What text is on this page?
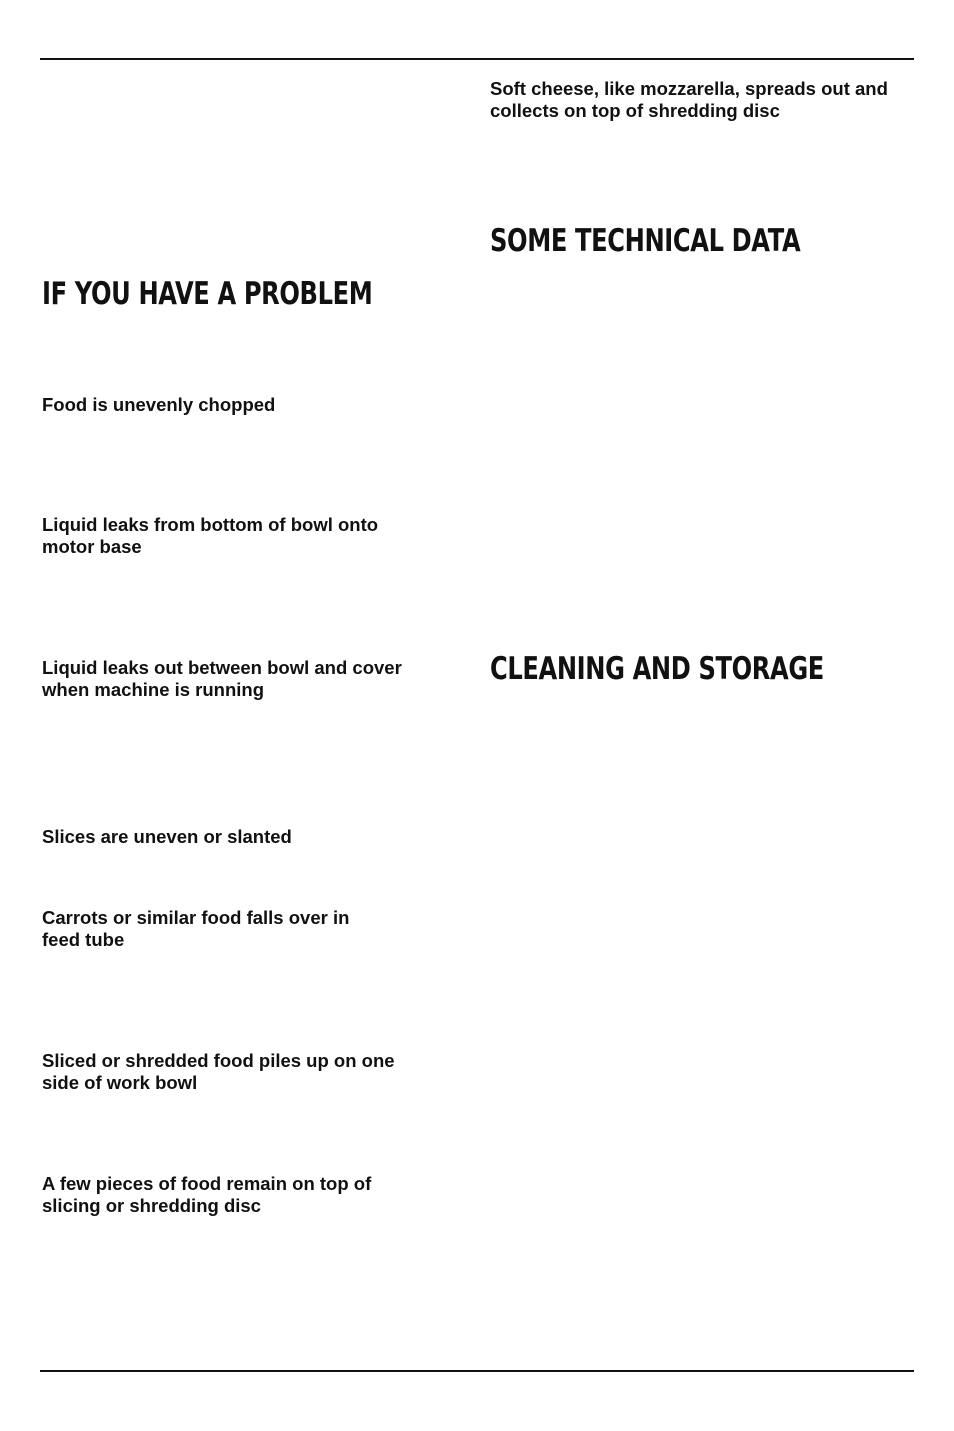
Soft cheese, like mozzarella, spreads out and collects on top of shredding disc

SOME TECHNICAL DATA
IF YOU HAVE A PROBLEM

Food is unevenly chopped

Liquid leaks from bottom of bowl onto motor base

Liquid leaks out between bowl and cover when machine is running

CLEANING AND STORAGE

Slices are uneven or slanted

Carrots or similar food falls over in feed tube

Sliced or shredded food piles up on one side of work bowl

A few pieces of food remain on top of slicing or shredding disc
